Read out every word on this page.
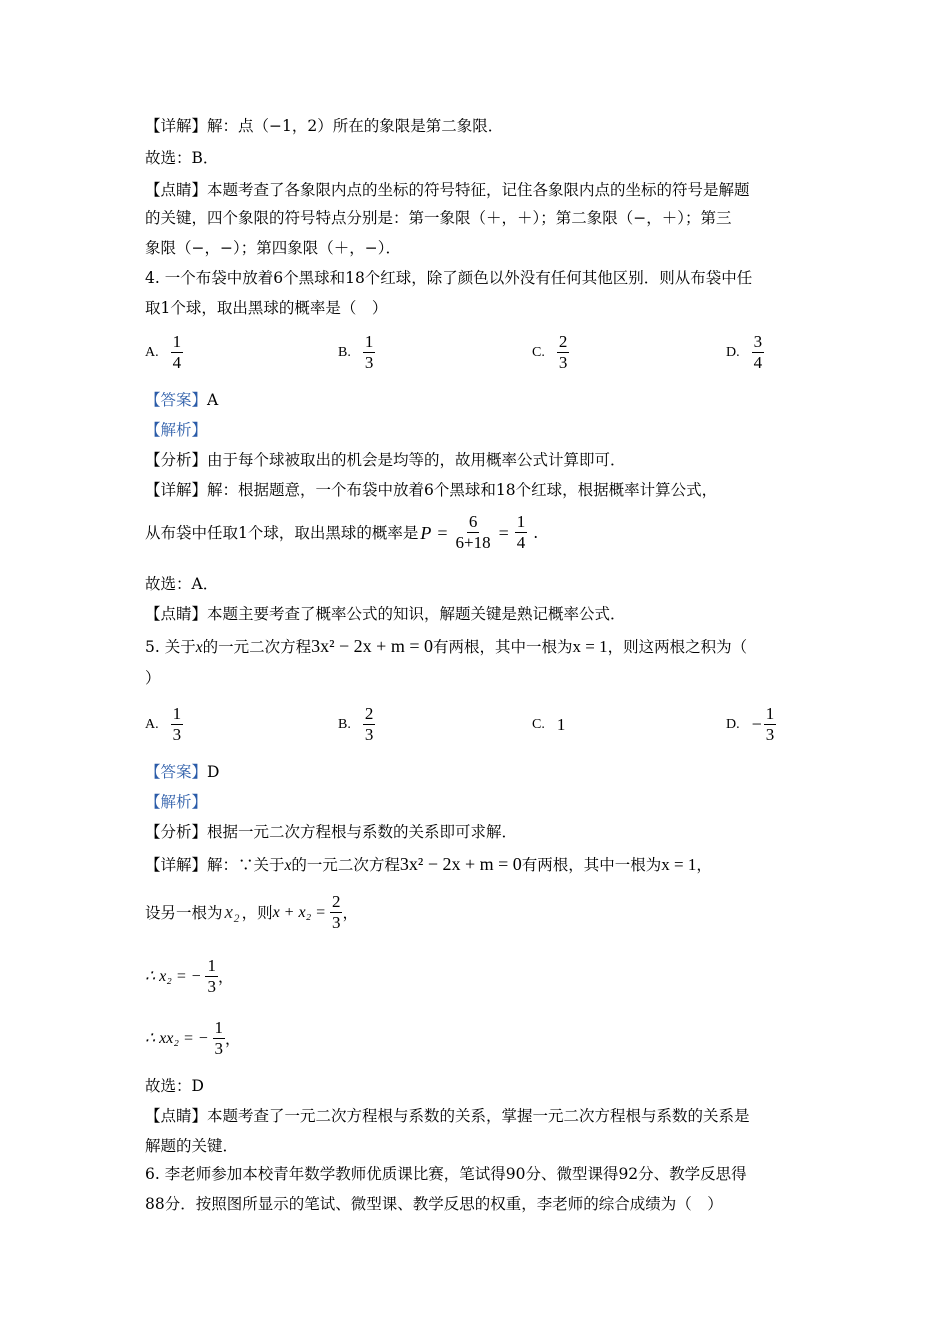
【详解】解：点（−1，2）所在的象限是第二象限．
故选：B．
【点睛】本题考查了各象限内点的坐标的符号特征，记住各象限内点的坐标的符号是解题
的关键，四个象限的符号特点分别是：第一象限（＋，＋）；第二象限（−，＋）；第三
象限（−，−）；第四象限（＋，−）．
4. 一个布袋中放着6个黑球和18个红球，除了颜色以外没有任何其他区别．则从布袋中任
取1个球，取出黑球的概率是（　）
A. $\frac{1}{4}$	B. $\frac{1}{3}$	C. $\frac{2}{3}$	D. $\frac{3}{4}$
【答案】A
【解析】
【分析】由于每个球被取出的机会是均等的，故用概率公式计算即可．
【详解】解：根据题意，一个布袋中放着6个黑球和18个红球，根据概率计算公式，
从布袋中任取1个球，取出黑球的概率是 $P = \frac{6}{6+18} = \frac{1}{4}$ .
故选：A．
【点睛】本题主要考查了概率公式的知识，解题关键是熟记概率公式．
5. 关于x的一元二次方程3x² − 2x + m = 0有两根，其中一根为x = 1，则这两根之积为（
）
A. $\frac{1}{3}$	B. $\frac{2}{3}$	C. 1	D. − $\frac{1}{3}$
【答案】D
【解析】
【分析】根据一元二次方程根与系数的关系即可求解．
【详解】解：∵关于x的一元二次方程3x² − 2x + m = 0有两根，其中一根为x = 1，
设另一根为 x₂ ，则 $x + x_2 = \frac{2}{3}$ ，
∴ x₂ = − $\frac{1}{3}$ ，
∴ xx₂ = − $\frac{1}{3}$ ，
故选：D
【点睛】本题考查了一元二次方程根与系数的关系，掌握一元二次方程根与系数的关系是
解题的关键．
6. 李老师参加本校青年数学教师优质课比赛，笔试得90分、微型课得92分、教学反思得
88分．按照图所显示的笔试、微型课、教学反思的权重，李老师的综合成绩为（　）
